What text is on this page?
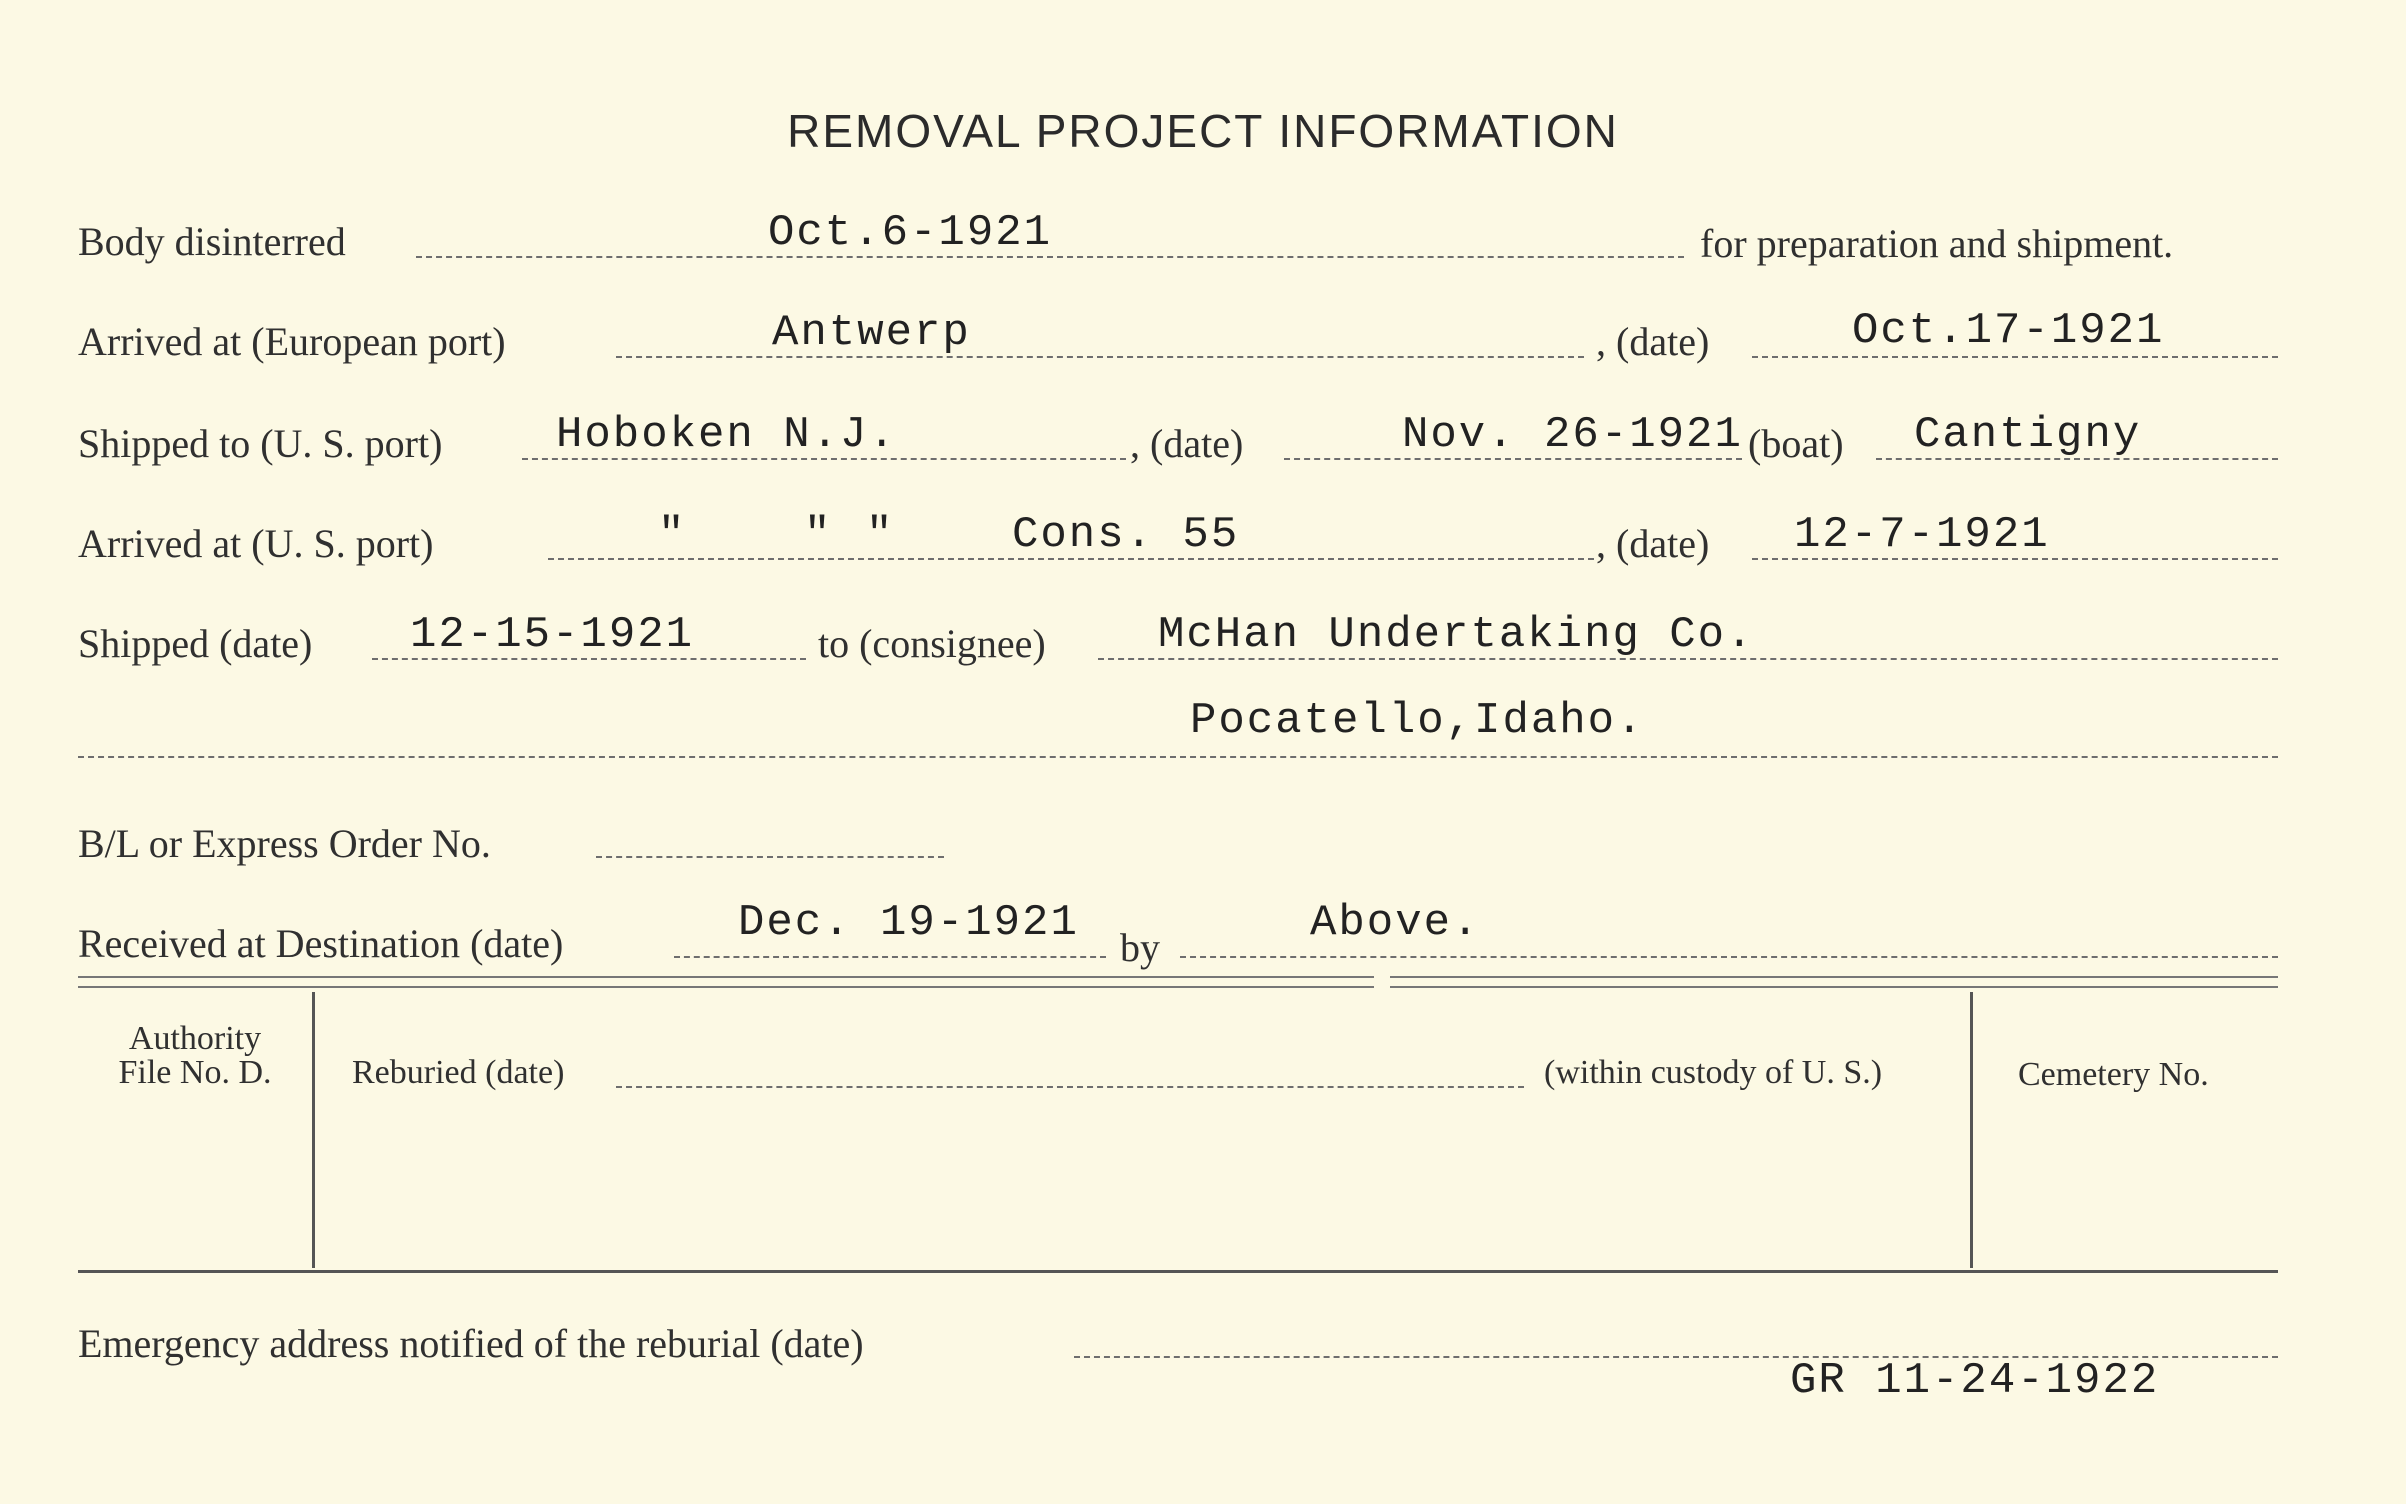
REMOVAL PROJECT INFORMATION
Body disinterred	Oct.6-1921	for preparation and shipment.
Arrived at (European port)	Antwerp	, (date)	Oct.17-1921
Shipped to (U. S. port)	Hoboken N.J.	, (date)	Nov. 26-1921 (boat) Cantigny
Arrived at (U. S. port)	"	" "	Cons. 55	, (date) 12-7-1921
Shipped (date) 12-15-1921	to (consignee)	McHan Undertaking Co.
Pocatello,Idaho.
B/L or Express Order No.
Received at Destination (date)	Dec. 19-1921 by	Above.
Authority
File No. D.	Reburied (date)	(within custody of U. S.)	Cemetery No.
Emergency address notified of the reburial (date)
GR 11-24-1922
